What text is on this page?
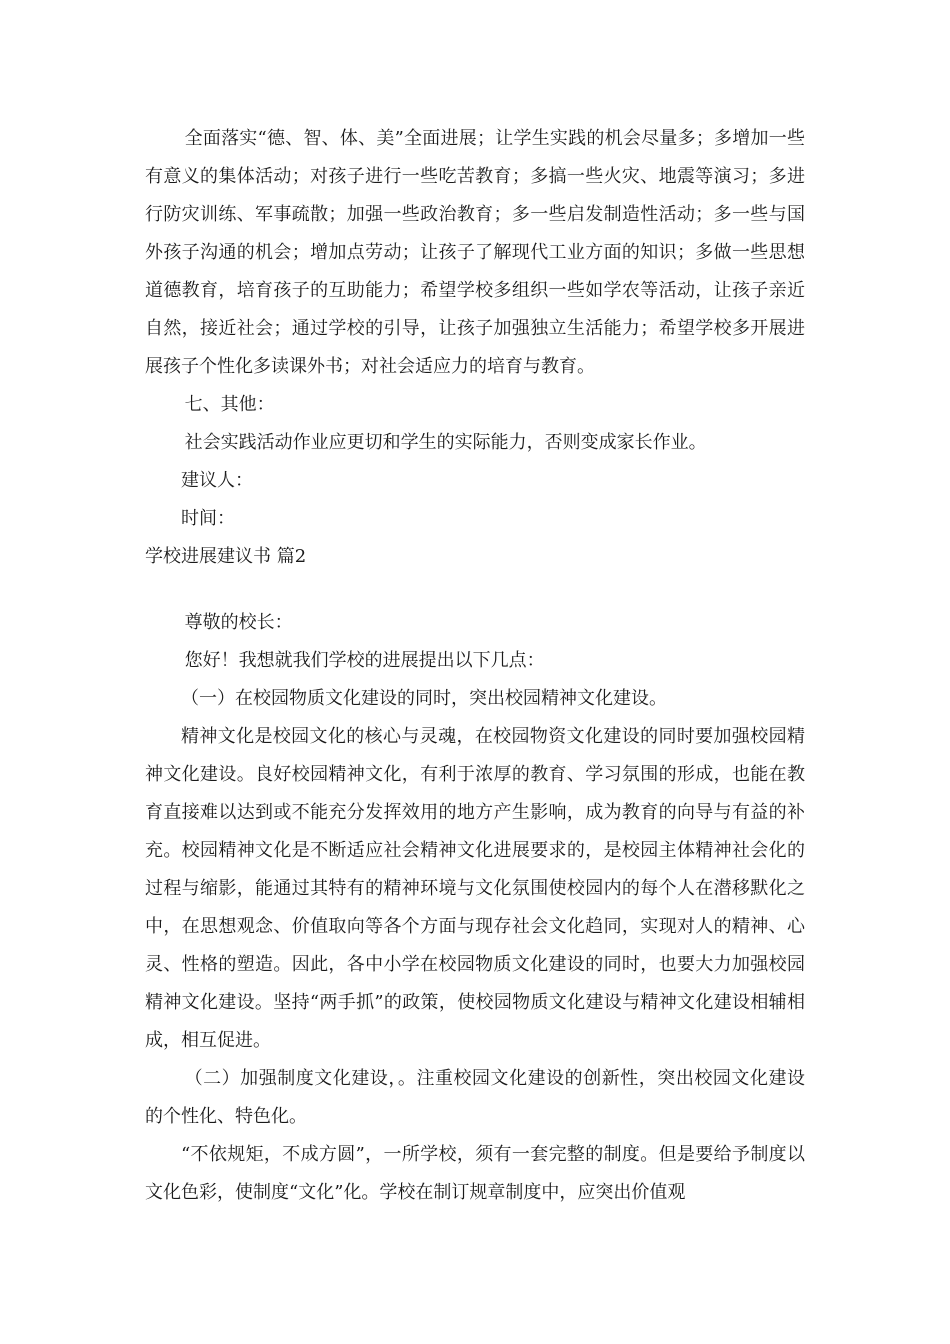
全面落实“德、智、体、美”全面进展；让学生实践的机会尽量多；多增加一些有意义的集体活动；对孩子进行一些吃苦教育；多搞一些火灾、地震等演习；多进行防灾训练、军事疏散；加强一些政治教育；多一些启发制造性活动；多一些与国外孩子沟通的机会；增加点劳动；让孩子了解现代工业方面的知识；多做一些思想道德教育，培育孩子的互助能力；希望学校多组织一些如学农等活动，让孩子亲近自然，接近社会；通过学校的引导，让孩子加强独立生活能力；希望学校多开展进展孩子个性化多读课外书；对社会适应力的培育与教育。

七、其他：

社会实践活动作业应更切和学生的实际能力，否则变成家长作业。

建议人：

时间：

学校进展建议书 篇2

尊敬的校长：

您好！我想就我们学校的进展提出以下几点：

（一）在校园物质文化建设的同时，突出校园精神文化建设。

精神文化是校园文化的核心与灵魂，在校园物资文化建设的同时要加强校园精神文化建设。良好校园精神文化，有利于浓厚的教育、学习氛围的形成，也能在教育直接难以达到或不能充分发挥效用的地方产生影响，成为教育的向导与有益的补充。校园精神文化是不断适应社会精神文化进展要求的，是校园主体精神社会化的过程与缩影，能通过其特有的精神环境与文化氛围使校园内的每个人在潜移默化之中，在思想观念、价值取向等各个方面与现存社会文化趋同，实现对人的精神、心灵、性格的塑造。因此，各中小学在校园物质文化建设的同时，也要大力加强校园精神文化建设。坚持“两手抓”的政策，使校园物质文化建设与精神文化建设相辅相成，相互促进。

（二）加强制度文化建设，。注重校园文化建设的创新性，突出校园文化建设的个性化、特色化。

“不依规矩，不成方圆”，一所学校，须有一套完整的制度。但是要给予制度以文化色彩，使制度“文化”化。学校在制订规章制度中，应突出价值观
